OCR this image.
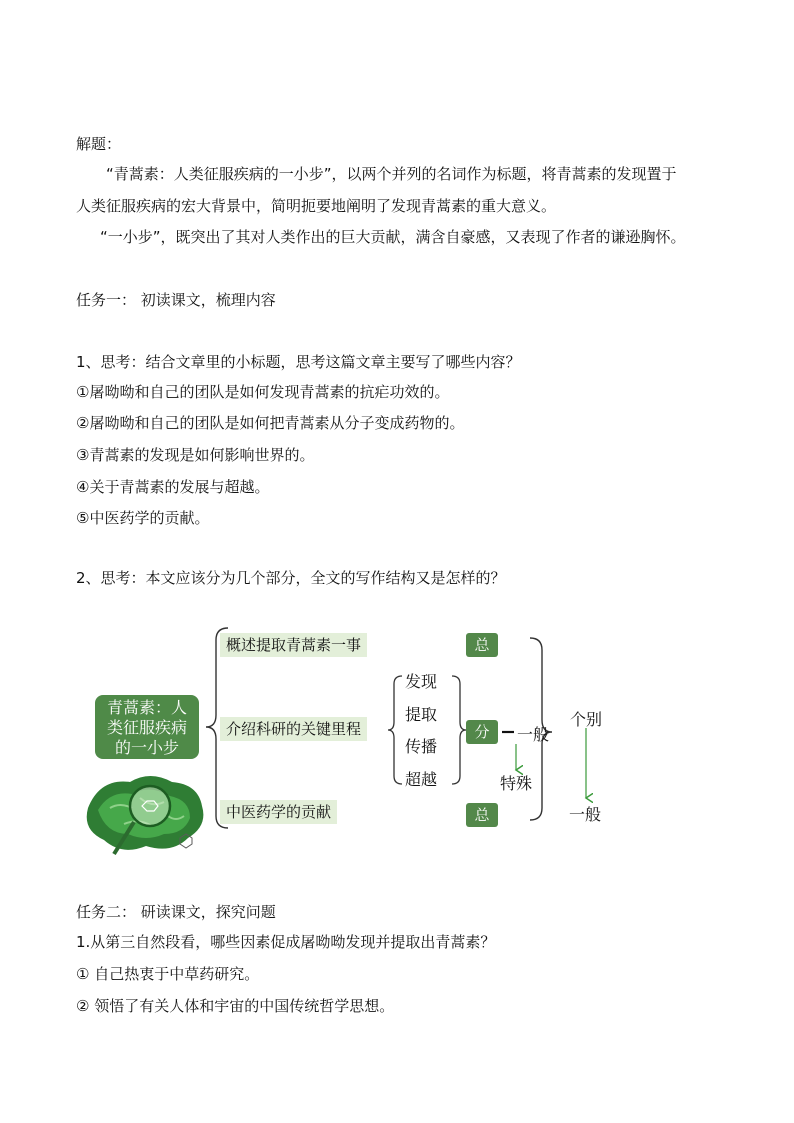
解题：
“青蒿素：人类征服疾病的一小步”，以两个并列的名词作为标题，将青蒿素的发现置于
人类征服疾病的宏大背景中，简明扼要地阐明了发现青蒿素的重大意义。
“一小步”，既突出了其对人类作出的巨大贡献，满含自豪感，又表现了作者的谦逊胸怀。
任务一： 初读课文，梳理内容
1、思考：结合文章里的小标题，思考这篇文章主要写了哪些内容？
①屠呦呦和自己的团队是如何发现青蒿素的抗疟功效的。
②屠呦呦和自己的团队是如何把青蒿素从分子变成药物的。
③青蒿素的发现是如何影响世界的。
④关于青蒿素的发展与超越。
⑤中医药学的贡献。
2、思考：本文应该分为几个部分，全文的写作结构又是怎样的？
青蒿素：人
类征服疾病
的一小步
概述提取青蒿素一事
介绍科研的关键里程
中医药学的贡献
发现
提取
传播
超越
总
分
总
一般
特殊
个别
一般
任务二： 研读课文，探究问题
1.从第三自然段看，哪些因素促成屠呦呦发现并提取出青蒿素？
① 自己热衷于中草药研究。
② 领悟了有关人体和宇宙的中国传统哲学思想。
